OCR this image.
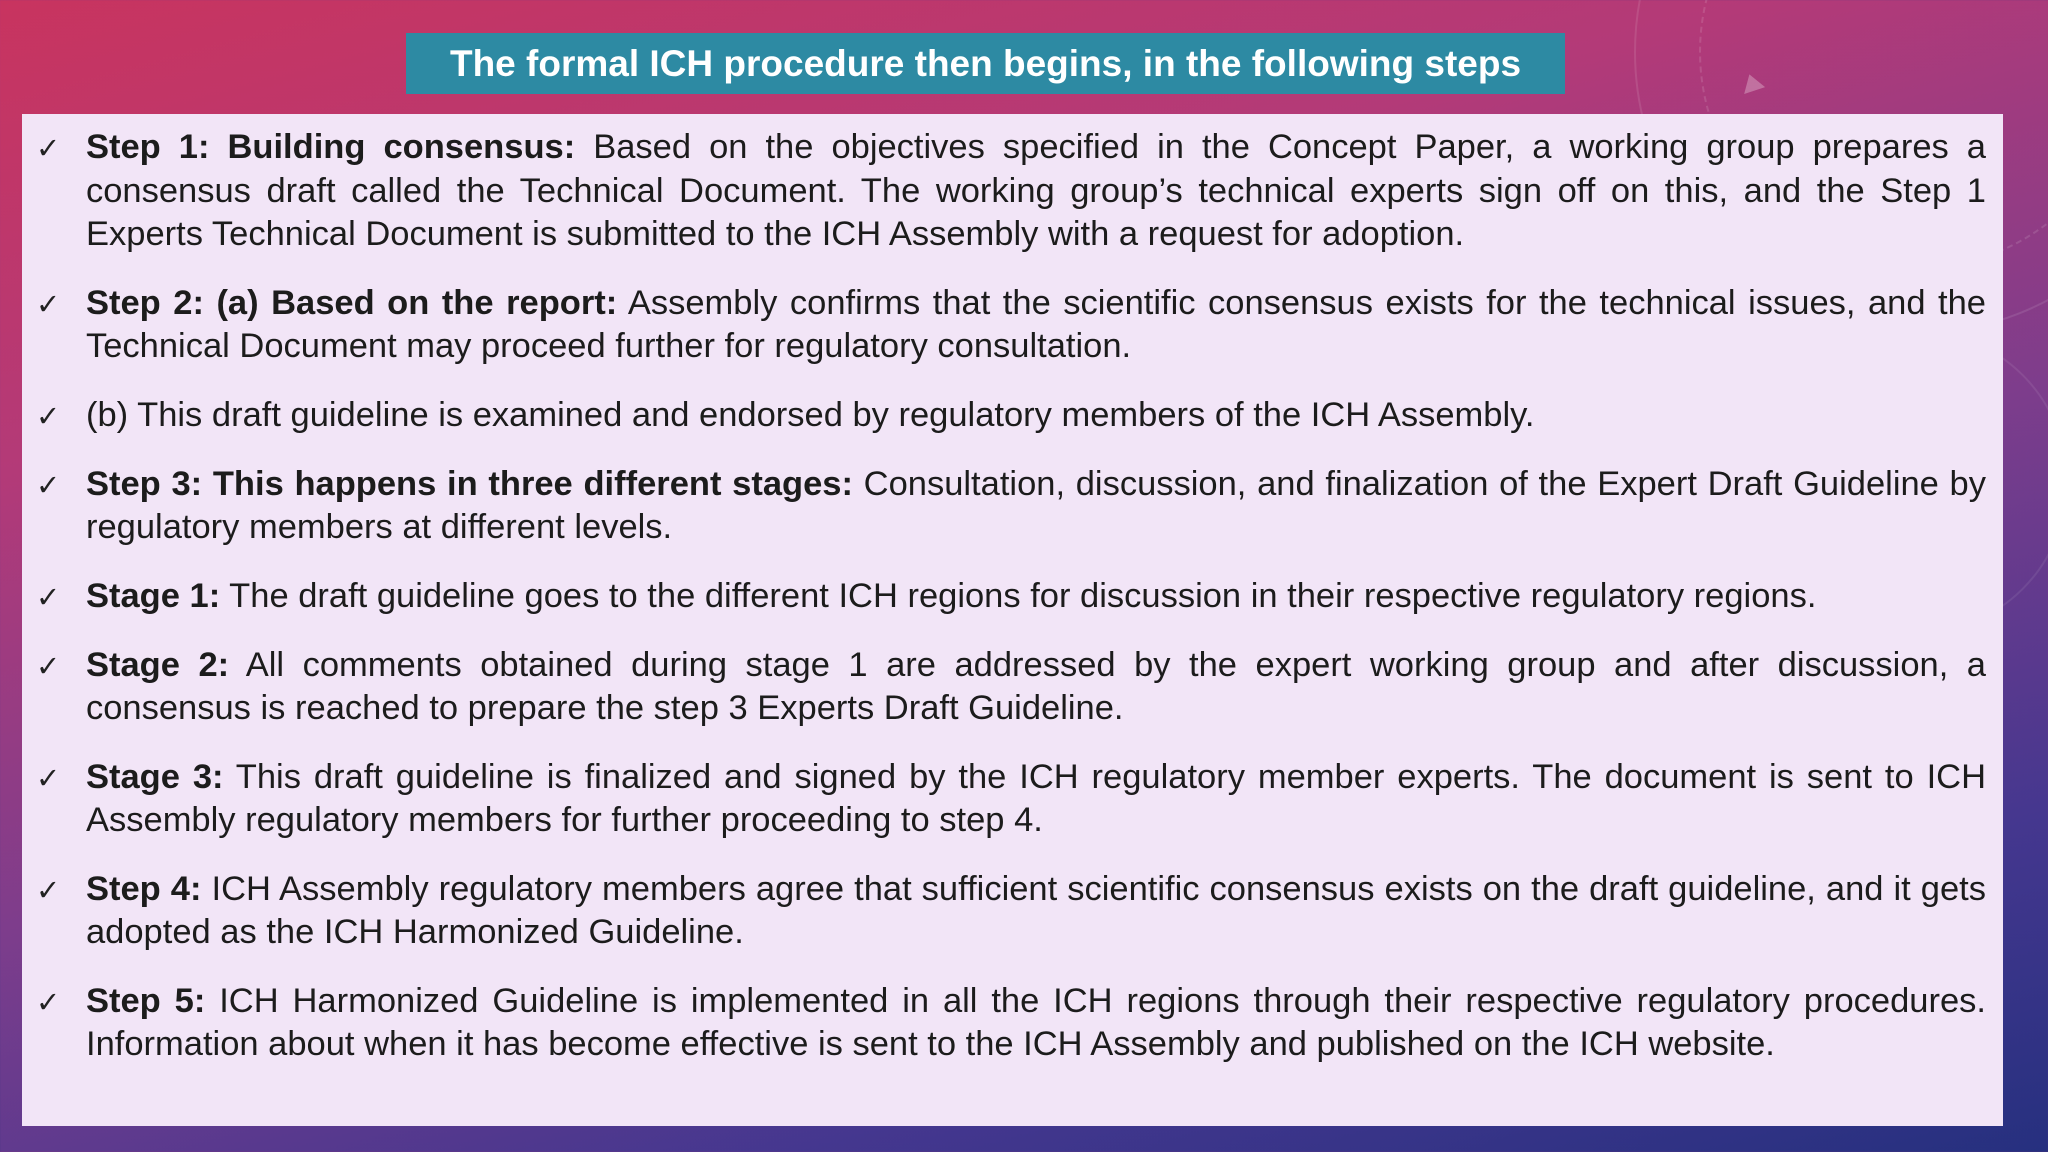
The formal ICH procedure then begins, in the following steps
✓ Step 1: Building consensus: Based on the objectives specified in the Concept Paper, a working group prepares a consensus draft called the Technical Document. The working group’s technical experts sign off on this, and the Step 1 Experts Technical Document is submitted to the ICH Assembly with a request for adoption.
✓ Step 2: (a) Based on the report: Assembly confirms that the scientific consensus exists for the technical issues, and the Technical Document may proceed further for regulatory consultation.
✓ (b) This draft guideline is examined and endorsed by regulatory members of the ICH Assembly.
✓ Step 3: This happens in three different stages: Consultation, discussion, and finalization of the Expert Draft Guideline by regulatory members at different levels.
✓ Stage 1: The draft guideline goes to the different ICH regions for discussion in their respective regulatory regions.
✓ Stage 2: All comments obtained during stage 1 are addressed by the expert working group and after discussion, a consensus is reached to prepare the step 3 Experts Draft Guideline.
✓ Stage 3: This draft guideline is finalized and signed by the ICH regulatory member experts. The document is sent to ICH Assembly regulatory members for further proceeding to step 4.
✓ Step 4: ICH Assembly regulatory members agree that sufficient scientific consensus exists on the draft guideline, and it gets adopted as the ICH Harmonized Guideline.
✓ Step 5: ICH Harmonized Guideline is implemented in all the ICH regions through their respective regulatory procedures. Information about when it has become effective is sent to the ICH Assembly and published on the ICH website.
